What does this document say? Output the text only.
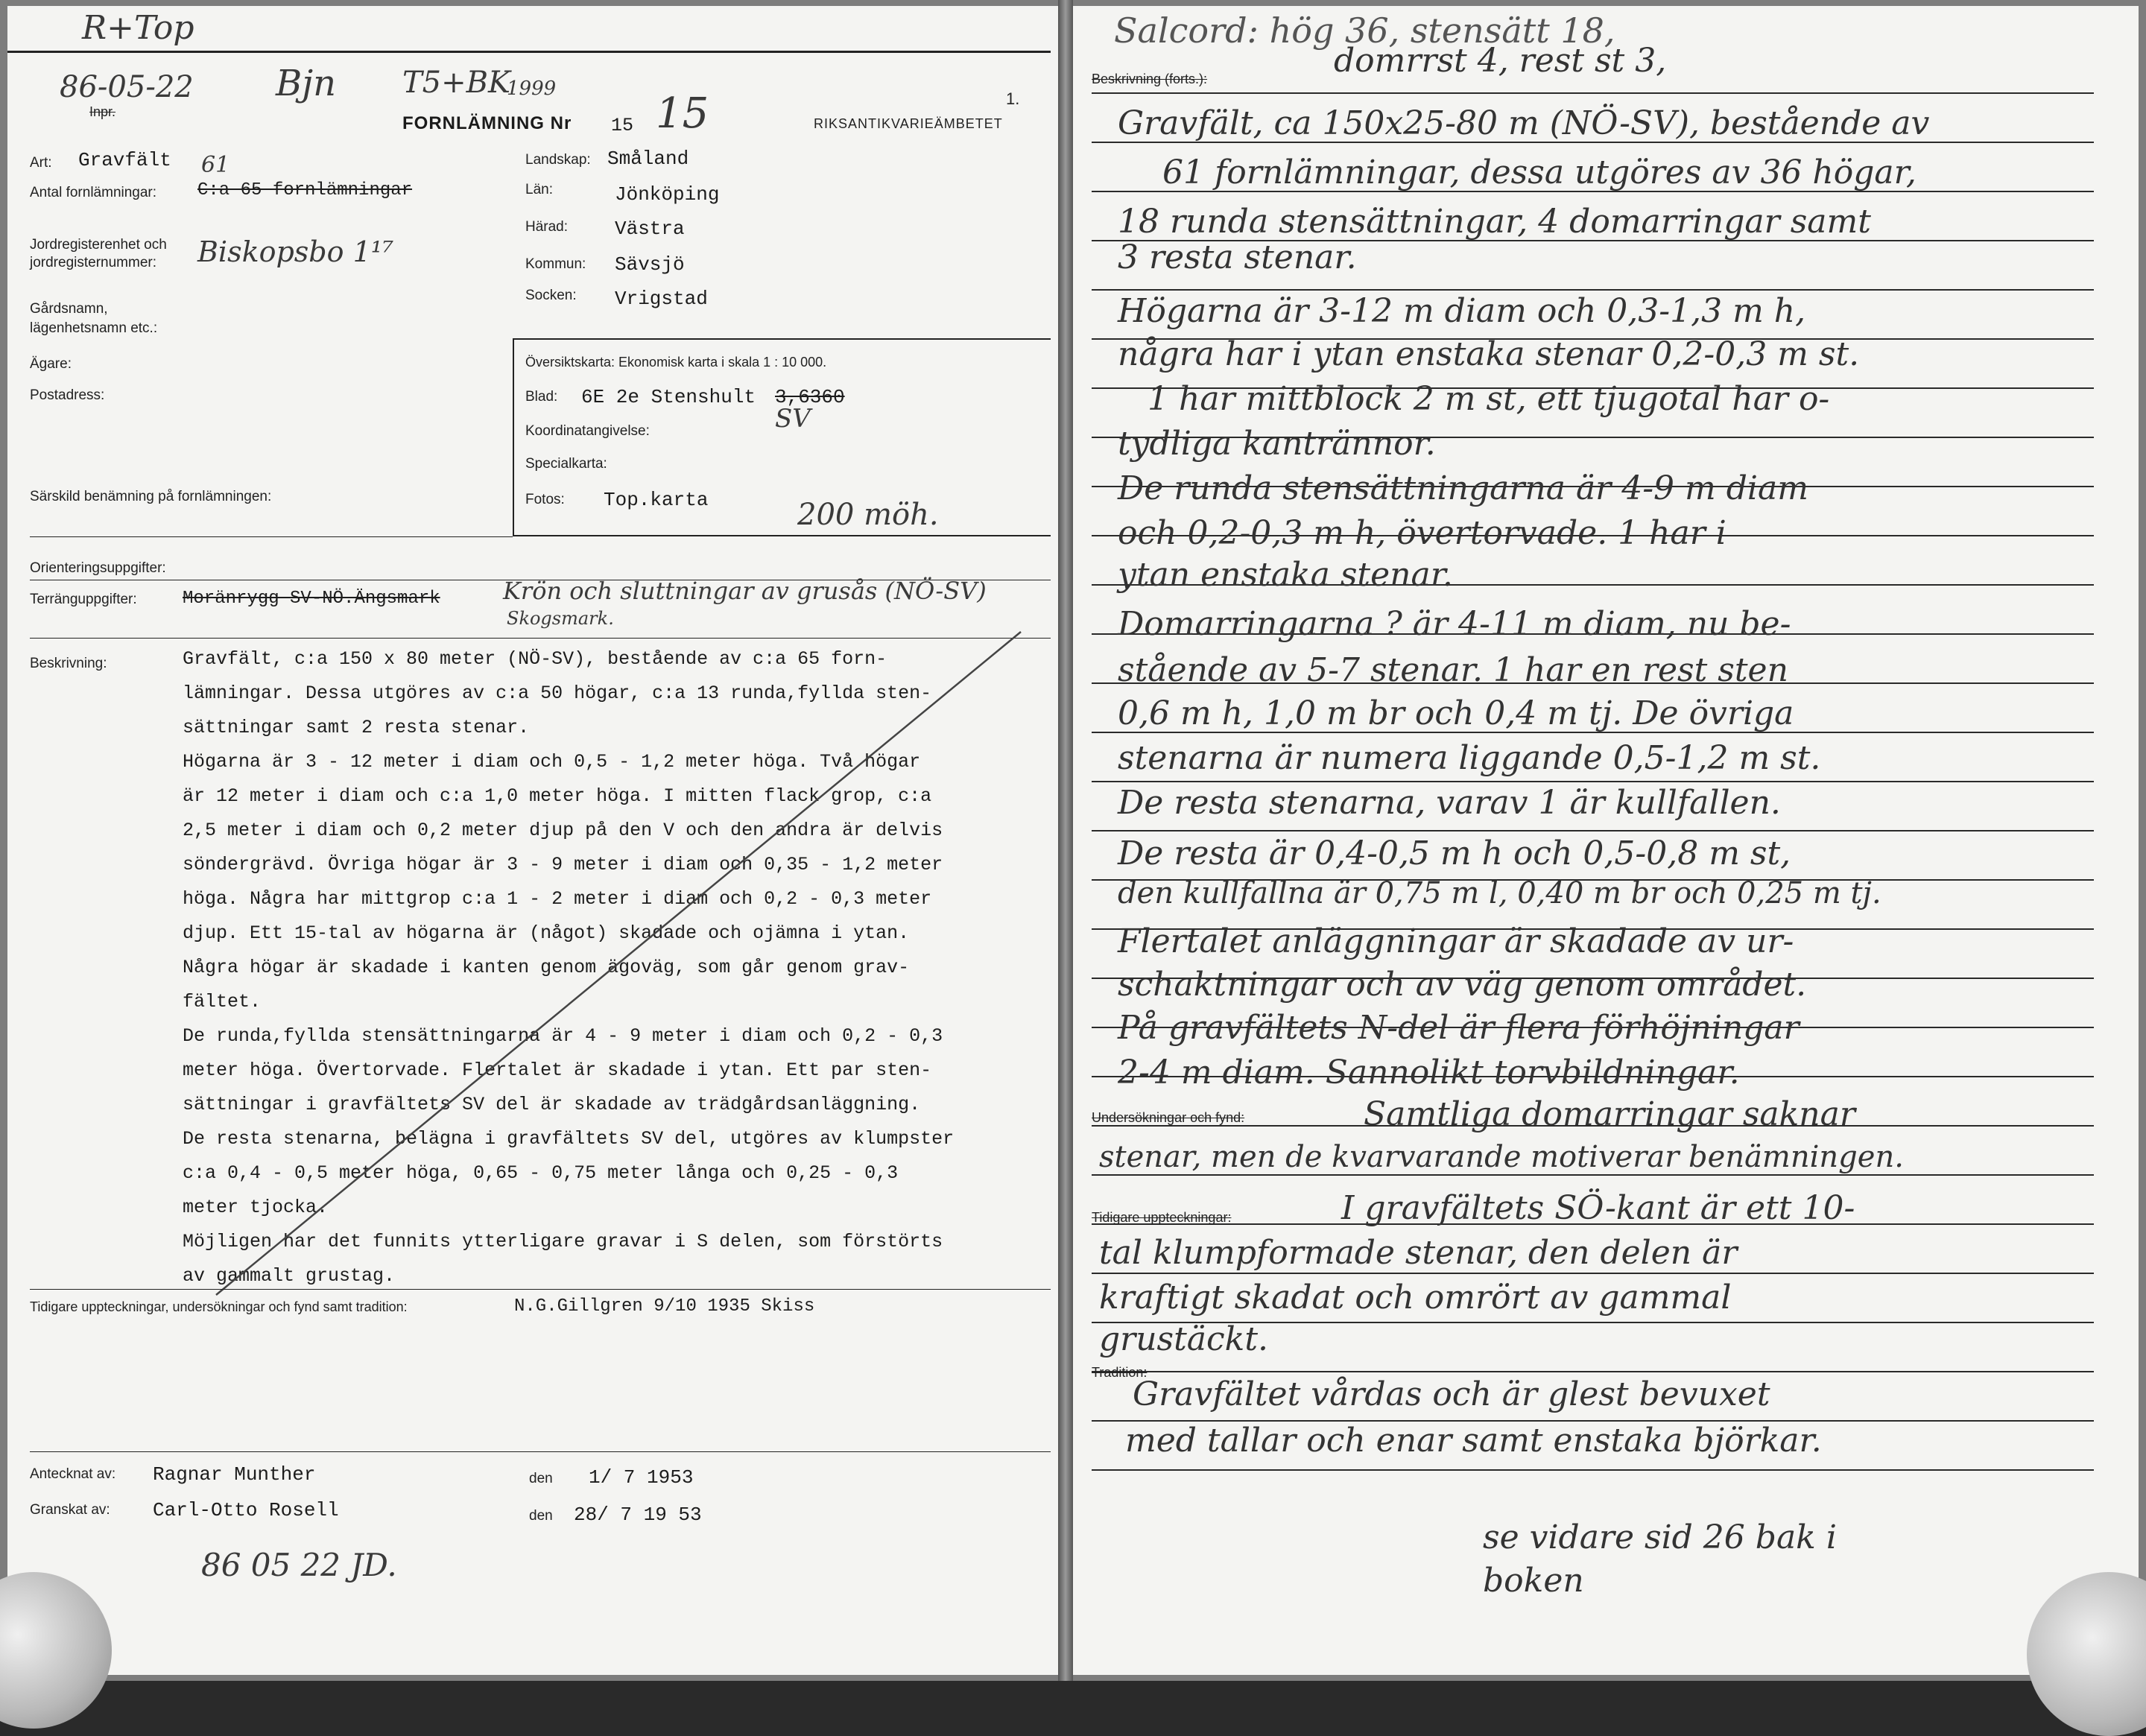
R+Top
86-05-22
Inpr.
Bjn T5+BK
1999
FORNLÄMNING Nr 15 15	1.
RIKSANTIKVARIEÄMBETET
Art: Gravfält 61
Antal fornlämningar: C:a 65 fornlämningar
Jordregisterenhet och
jordregisternummer: Biskopsbo 1¹⁷
Gårdsnamn,
lägenhetsnamn etc.:
Ägare:
Postadress:
Landskap: Småland
Län:	Jönköping
Härad: Västra
Kommun: Sävsjö
Socken: Vrigstad
Översiktskarta: Ekonomisk karta i skala 1 : 10 000.
Blad: 6E 2e Stenshult 3,6360
SV
Koordinatangivelse:
Specialkarta:
Fotos: Top.karta	200 möh.
Särskild benämning på fornlämningen:
Orienteringsuppgifter:
Terränguppgifter:	Moränrygg SV-NÖ.Ängsmark	Krön och sluttningar av grusås (NÖ-SV)
Skogsmark.
Beskrivning:	Gravfält, c:a 150 x 80 meter (NÖ-SV), bestående av c:a 65 forn-
lämningar. Dessa utgöres av c:a 50 högar, c:a 13 runda,fyllda sten-
sättningar samt 2 resta stenar.
Högarna är 3 - 12 meter i diam och 0,5 - 1,2 meter höga. Två högar
är 12 meter i diam och c:a 1,0 meter höga. I mitten flack grop, c:a
2,5 meter i diam och 0,2 meter djup på den V och den andra är delvis
söndergrävd. Övriga högar är 3 - 9 meter i diam och 0,35 - 1,2 meter
höga. Några har mittgrop c:a 1 - 2 meter i diam och 0,2 - 0,3 meter
djup. Ett 15-tal av högarna är (något) skadade och ojämna i ytan.
Några högar är skadade i kanten genom ägoväg, som går genom grav-
fältet.
De runda,fyllda stensättningarna är 4 - 9 meter i diam och 0,2 - 0,3
meter höga. Övertorvade. Flertalet är skadade i ytan. Ett par sten-
sättningar i gravfältets SV del är skadade av trädgårdsanläggning.
De resta stenarna, belägna i gravfältets SV del, utgöres av klumpster
c:a 0,4 - 0,5 meter höga, 0,65 - 0,75 meter långa och 0,25 - 0,3
meter tjocka.
Möjligen har det funnits ytterligare gravar i S delen, som förstörts
av gammalt grustag.
Tidigare uppteckningar, undersökningar och fynd samt tradition:	N.G.Gillgren 9/10 1935 Skiss
Antecknat av: Ragnar Munther	den 1/ 7 1953
Granskat av: Carl-Otto Rosell	den 28/ 7 19 53
86 05 22 JD.
Salcord: hög 36, stensätt 18,
domrrst 4, rest st 3,
Beskrivning (forts.):
Gravfält, ca 150x25-80 m (NÖ-SV), bestående av
61 fornlämningar, dessa utgöres av 36 högar,
18 runda stensättningar, 4 domarringar samt
3 resta stenar.
Högarna är 3-12 m diam och 0,3-1,3 m h,
några har i ytan enstaka stenar 0,2-0,3 m st.
1 har mittblock 2 m st, ett tjugotal har o-
tydliga kantrännor.
De runda stensättningarna är 4-9 m diam
och 0,2-0,3 m h, övertorvade. 1 har i
ytan enstaka stenar.
Domarringarna ? är 4-11 m diam, nu be-
stående av 5-7 stenar. 1 har en rest sten
0,6 m h, 1,0 m br och 0,4 m tj. De övriga
stenarna är numera liggande 0,5-1,2 m st.
De resta stenarna, varav 1 är kullfallen.
De resta är 0,4-0,5 m h och 0,5-0,8 m st,
den kullfallna är 0,75 m l, 0,40 m br och 0,25 m tj.
Flertalet anläggningar är skadade av ur-
schaktningar och av väg genom området.
På gravfältets N-del är flera förhöjningar
2-4 m diam. Sannolikt torvbildningar.
Undersökningar och fynd:	Samtliga domarringar saknar
stenar, men de kvarvarande motiverar benämningen.
Tidigare uppteckningar:	I gravfältets SÖ-kant är ett 10-
tal klumpformade stenar, den delen är
kraftigt skadat och omrört av gammal
grustäckt.
Tradition:
Gravfältet vårdas och är glest bevuxet
med tallar och enar samt enstaka björkar.
se vidare sid 26 bak i
boken
